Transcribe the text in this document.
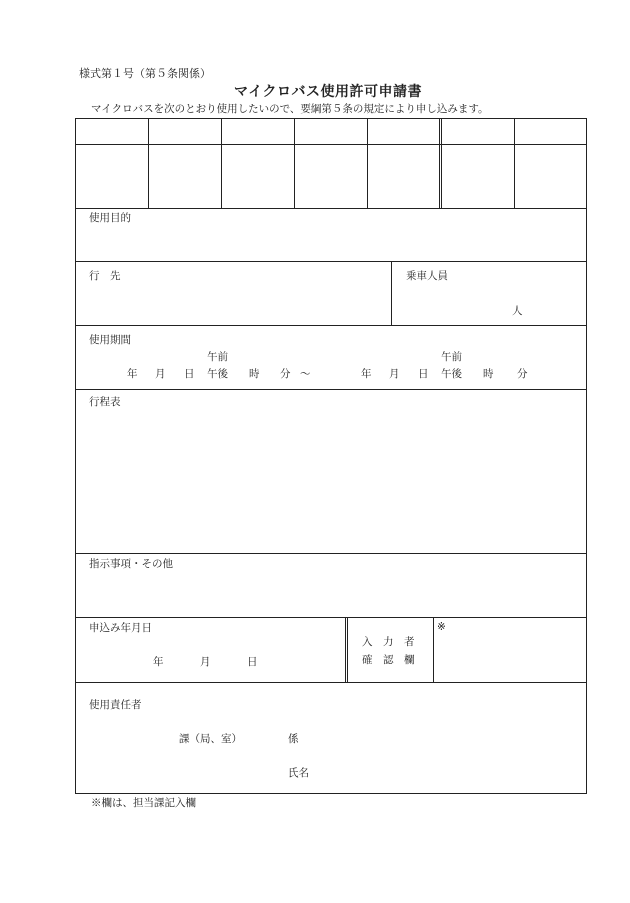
様式第１号（第５条関係）
マイクロバス使用許可申請書
マイクロバスを次のとおり使用したいので、要綱第５条の規定により申し込みます。
使用目的
行　先	乗車人員
人
使用期間
午前	午前
年 月 日 午後 時 分 ～	年 月 日 午後 時 分
行程表
指示事項・その他
申込み年月日
年	月	日
入　力　者
確　認　欄
※
使用責任者
課（局、室）	係
氏名
※欄は、担当課記入欄
